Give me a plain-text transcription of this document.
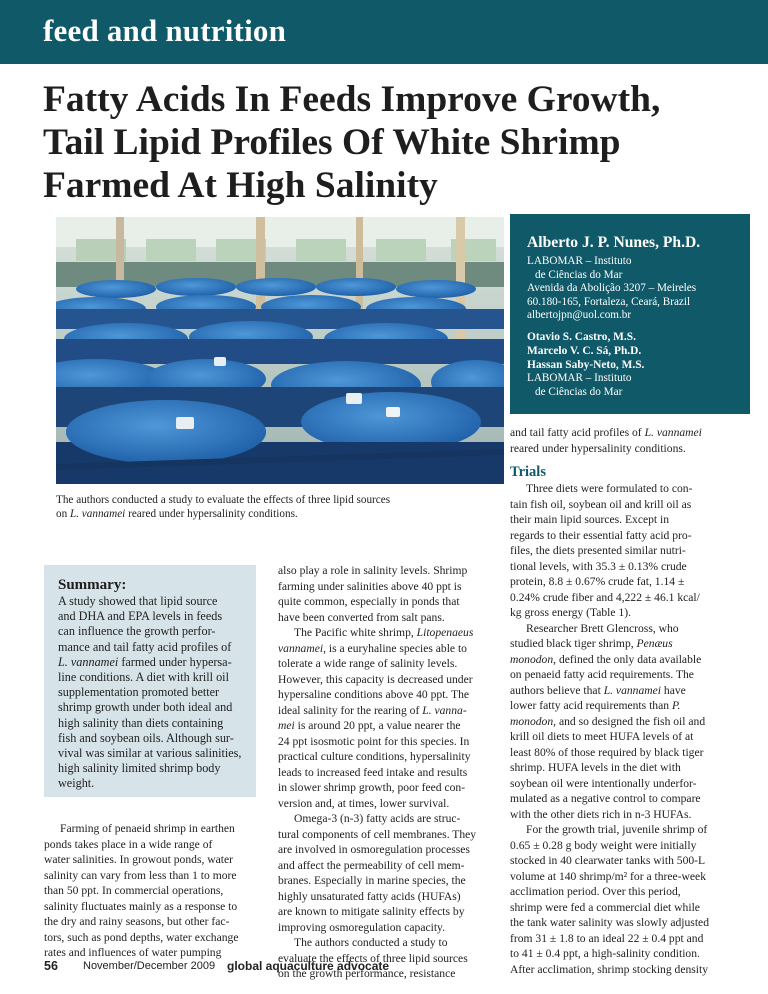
feed and nutrition
Fatty Acids In Feeds Improve Growth,
Tail Lipid Profiles Of White Shrimp
Farmed At High Salinity

The authors conducted a study to evaluate the effects of three lipid sources
on L. vannamei reared under hypersalinity conditions.

Alberto J. P. Nunes, Ph.D.
LABOMAR – Instituto

de Ciências do Mar
Avenida da Abolição 3207 – Meireles
60.180-165, Fortaleza, Ceará, Brazil
albertojpn@uol.com.br
Otavio S. Castro, M.S.
Marcelo V. C. Sá, Ph.D.
Hassan Saby-Neto, M.S.
LABOMAR – Instituto

de Ciências do Mar
Summary:
A study showed that lipid source
and DHA and EPA levels in feeds
can influence the growth perfor-
mance and tail fatty acid profiles of
L. vannamei farmed under hypersa-
line conditions. A diet with krill oil
supplementation promoted better
shrimp growth under both ideal and
high salinity than diets containing
fish and soybean oils. Although sur-
vival was similar at various salinities,
high salinity limited shrimp body
weight.

Farming of penaeid shrimp in earthen
ponds takes place in a wide range of
water salinities. In growout ponds, water
salinity can vary from less than 1 to more
than 50 ppt. In commercial operations,
salinity fluctuates mainly as a response to
the dry and rainy seasons, but other fac-
tors, such as pond depths, water exchange
rates and influences of water pumping

also play a role in salinity levels. Shrimp
farming under salinities above 40 ppt is
quite common, especially in ponds that
have been converted from salt pans.
The Pacific white shrimp, Litopenaeus
vannamei, is a euryhaline species able to
tolerate a wide range of salinity levels.
However, this capacity is decreased under
hypersaline conditions above 40 ppt. The
ideal salinity for the rearing of L. vanna-
mei is around 20 ppt, a value nearer the
24 ppt isosmotic point for this species. In
practical culture conditions, hypersalinity
leads to increased feed intake and results
in slower shrimp growth, poor feed con-
version and, at times, lower survival.
Omega-3 (n-3) fatty acids are struc-
tural components of cell membranes. They
are involved in osmoregulation processes
and affect the permeability of cell mem-
branes. Especially in marine species, the
highly unsaturated fatty acids (HUFAs)
are known to mitigate salinity effects by
improving osmoregulation capacity.
The authors conducted a study to
evaluate the effects of three lipid sources
on the growth performance, resistance

and tail fatty acid profiles of L. vannamei
reared under hypersalinity conditions.

Trials

Three diets were formulated to con-
tain fish oil, soybean oil and krill oil as
their main lipid sources. Except in
regards to their essential fatty acid pro-
files, the diets presented similar nutri-
tional levels, with 35.3 ± 0.13% crude
protein, 8.8 ± 0.67% crude fat, 1.14 ±
0.24% crude fiber and 4,222 ± 46.1 kcal/
kg gross energy (Table 1).
Researcher Brett Glencross, who
studied black tiger shrimp, Penæus
monodon, defined the only data available
on penaeid fatty acid requirements. The
authors believe that L. vannamei have
lower fatty acid requirements than P.
monodon, and so designed the fish oil and
krill oil diets to meet HUFA levels of at
least 80% of those required by black tiger
shrimp. HUFA levels in the diet with
soybean oil were intentionally underfor-
mulated as a negative control to compare
with the other diets rich in n-3 HUFAs.
For the growth trial, juvenile shrimp of
0.65 ± 0.28 g body weight were initially
stocked in 40 clearwater tanks with 500-L
volume at 140 shrimp/m² for a three-week
acclimation period. Over this period,
shrimp were fed a commercial diet while
the tank water salinity was slowly adjusted
from 31 ± 1.8 to an ideal 22 ± 0.4 ppt and
to 41 ± 0.4 ppt, a high-salinity condition.
After acclimation, shrimp stocking density

56 November/December 2009 global aquaculture advocate
